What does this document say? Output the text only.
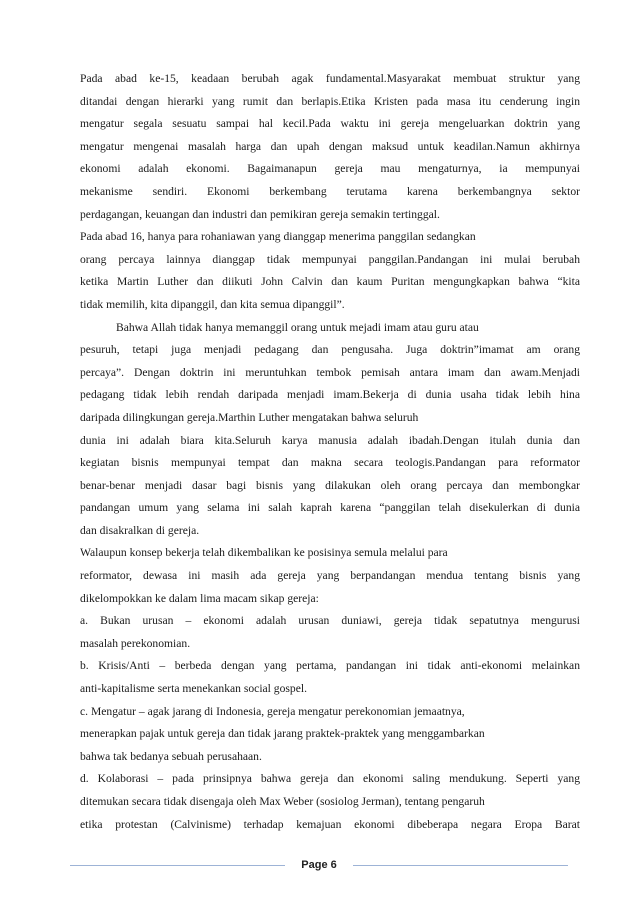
Pada abad ke-15, keadaan berubah agak fundamental.Masyarakat membuat struktur yang
ditandai dengan hierarki yang rumit dan berlapis.Etika Kristen pada masa itu cenderung ingin
mengatur segala sesuatu sampai hal kecil.Pada waktu ini gereja mengeluarkan doktrin yang
mengatur mengenai masalah harga dan upah dengan maksud untuk keadilan.Namun akhirnya
ekonomi adalah ekonomi. Bagaimanapun gereja mau mengaturnya, ia mempunyai
mekanisme sendiri. Ekonomi berkembang terutama karena berkembangnya sektor
perdagangan, keuangan dan industri dan pemikiran gereja semakin tertinggal.
Pada abad 16, hanya para rohaniawan yang dianggap menerima panggilan sedangkan
orang percaya lainnya dianggap tidak mempunyai panggilan.Pandangan ini mulai berubah
ketika Martin Luther dan diikuti John Calvin dan kaum Puritan mengungkapkan bahwa “kita
tidak memilih, kita dipanggil, dan kita semua dipanggil”.
Bahwa Allah tidak hanya memanggil orang untuk mejadi imam atau guru atau
pesuruh, tetapi juga menjadi pedagang dan pengusaha. Juga doktrin”imamat am orang
percaya”. Dengan doktrin ini meruntuhkan tembok pemisah antara imam dan awam.Menjadi
pedagang tidak lebih rendah daripada menjadi imam.Bekerja di dunia usaha tidak lebih hina
daripada dilingkungan gereja.Marthin Luther mengatakan bahwa seluruh
dunia ini adalah biara kita.Seluruh karya manusia adalah ibadah.Dengan itulah dunia dan
kegiatan bisnis mempunyai tempat dan makna secara teologis.Pandangan para reformator
benar-benar menjadi dasar bagi bisnis yang dilakukan oleh orang percaya dan membongkar
pandangan umum yang selama ini salah kaprah karena “panggilan telah disekulerkan di dunia
dan disakralkan di gereja.
Walaupun konsep bekerja telah dikembalikan ke posisinya semula melalui para
reformator, dewasa ini masih ada gereja yang berpandangan mendua tentang bisnis yang
dikelompokkan ke dalam lima macam sikap gereja:
a. Bukan urusan – ekonomi adalah urusan duniawi, gereja tidak sepatutnya mengurusi
masalah perekonomian.
b. Krisis/Anti – berbeda dengan yang pertama, pandangan ini tidak anti-ekonomi melainkan
anti-kapitalisme serta menekankan social gospel.
c. Mengatur – agak jarang di Indonesia, gereja mengatur perekonomian jemaatnya,
menerapkan pajak untuk gereja dan tidak jarang praktek-praktek yang menggambarkan
bahwa tak bedanya sebuah perusahaan.
d. Kolaborasi – pada prinsipnya bahwa gereja dan ekonomi saling mendukung. Seperti yang
ditemukan secara tidak disengaja oleh Max Weber (sosiolog Jerman), tentang pengaruh
etika protestan (Calvinisme) terhadap kemajuan ekonomi dibeberapa negara Eropa Barat
Page 6
